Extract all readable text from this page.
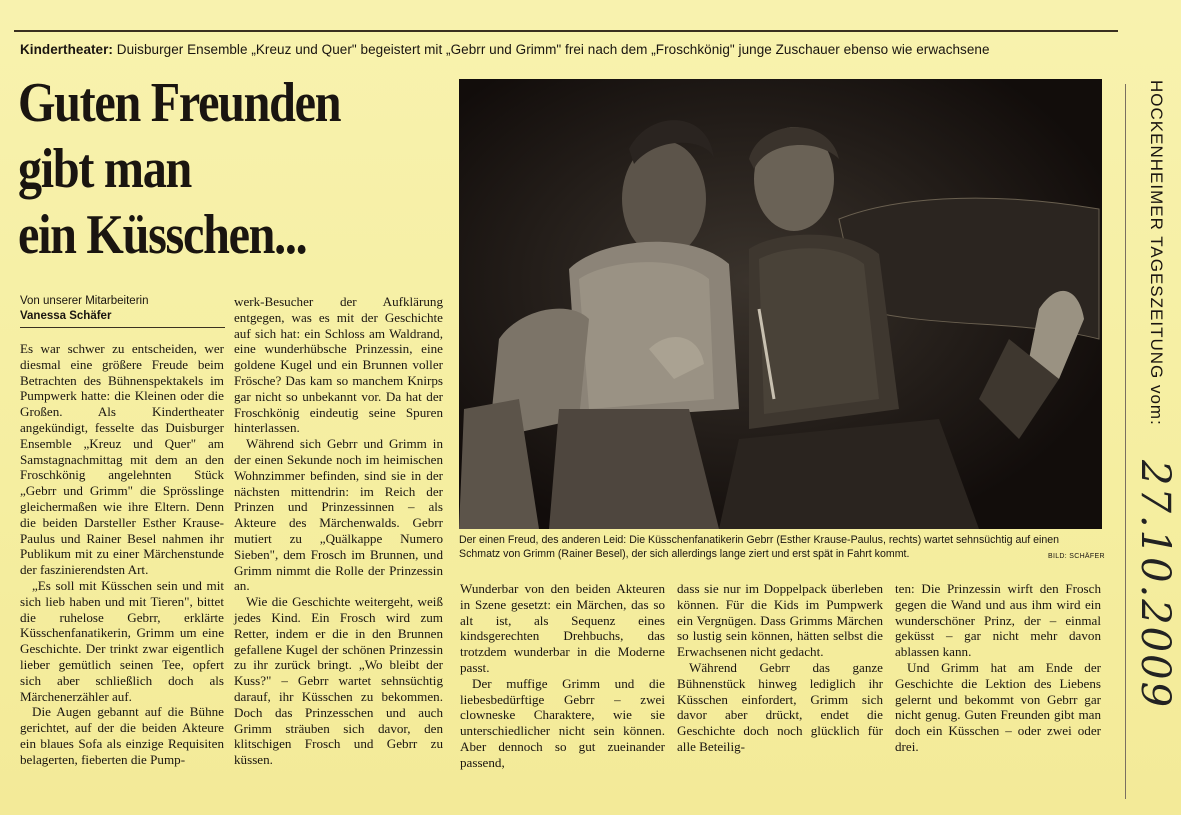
Kindertheater: Duisburger Ensemble „Kreuz und Quer" begeistert mit „Gebrr und Grimm" frei nach dem „Froschkönig" junge Zuschauer ebenso wie erwachsene
Guten Freunden
gibt man
ein Küsschen...
Von unserer Mitarbeiterin
Vanessa Schäfer

Es war schwer zu entscheiden, wer diesmal eine größere Freude beim Betrachten des Bühnenspektakels im Pumpwerk hatte: die Kleinen oder die Großen. Als Kindertheater angekündigt, fesselte das Duisburger Ensemble „Kreuz und Quer" am Samstagnachmittag mit dem an den Froschkönig angelehnten Stück „Gebrr und Grimm" die Sprösslinge gleichermaßen wie ihre Eltern. Denn die beiden Darsteller Esther Krause-Paulus und Rainer Besel nahmen ihr Publikum mit zu einer Märchenstunde der faszinierendsten Art.

„Es soll mit Küsschen sein und mit sich lieb haben und mit Tieren", bittet die ruhelose Gebrr, erklärte Küsschenfanatikerin, Grimm um eine Geschichte. Der trinkt zwar eigentlich lieber gemütlich seinen Tee, opfert sich aber schließlich doch als Märchenerzähler auf.

Die Augen gebannt auf die Bühne gerichtet, auf der die beiden Akteure ein blaues Sofa als einzige Requisiten belagerten, fieberten die Pump-

werk-Besucher der Aufklärung entgegen, was es mit der Geschichte auf sich hat: ein Schloss am Waldrand, eine wunderhübsche Prinzessin, eine goldene Kugel und ein Brunnen voller Frösche? Das kam so manchem Knirps gar nicht so unbekannt vor. Da hat der Froschkönig eindeutig seine Spuren hinterlassen.

Während sich Gebrr und Grimm in der einen Sekunde noch im heimischen Wohnzimmer befinden, sind sie in der nächsten mittendrin: im Reich der Prinzen und Prinzessinnen – als Akteure des Märchenwalds. Gebrr mutiert zu „Quälkappe Numero Sieben", dem Frosch im Brunnen, und Grimm nimmt die Rolle der Prinzessin an.

Wie die Geschichte weitergeht, weiß jedes Kind. Ein Frosch wird zum Retter, indem er die in den Brunnen gefallene Kugel der schönen Prinzessin zu ihr zurück bringt. „Wo bleibt der Kuss?" – Gebrr wartet sehnsüchtig darauf, ihr Küsschen zu bekommen. Doch das Prinzesschen und auch Grimm sträuben sich davor, den klitschigen Frosch und Gebrr zu küssen.

Der einen Freud, des anderen Leid: Die Küsschenfanatikerin Gebrr (Esther Krause-Paulus, rechts) wartet sehnsüchtig auf einen Schmatz von Grimm (Rainer Besel), der sich allerdings lange ziert und erst spät in Fahrt kommt.	BILD: SCHÄFER

Wunderbar von den beiden Akteuren in Szene gesetzt: ein Märchen, das so alt ist, als Sequenz eines kindsgerechten Drehbuchs, das trotzdem wunderbar in die Moderne passt.

Der muffige Grimm und die liebesbedürftige Gebrr – zwei clowneske Charaktere, wie sie unterschiedlicher nicht sein können. Aber dennoch so gut zueinander passend,

dass sie nur im Doppelpack überleben können. Für die Kids im Pumpwerk ein Vergnügen. Dass Grimms Märchen so lustig sein können, hätten selbst die Erwachsenen nicht gedacht.

Während Gebrr das ganze Bühnenstück hinweg lediglich ihr Küsschen einfordert, Grimm sich davor aber drückt, endet die Geschichte doch noch glücklich für alle Beteilig-

ten: Die Prinzessin wirft den Frosch gegen die Wand und aus ihm wird ein wunderschöner Prinz, der – einmal geküsst – gar nicht mehr davon ablassen kann.

Und Grimm hat am Ende der Geschichte die Lektion des Liebens gelernt und bekommt von Gebrr gar nicht genug. Guten Freunden gibt man doch ein Küsschen – oder zwei oder drei.

HOCKENHEIMER TAGESZEITUNG vom:
27.10.2009
